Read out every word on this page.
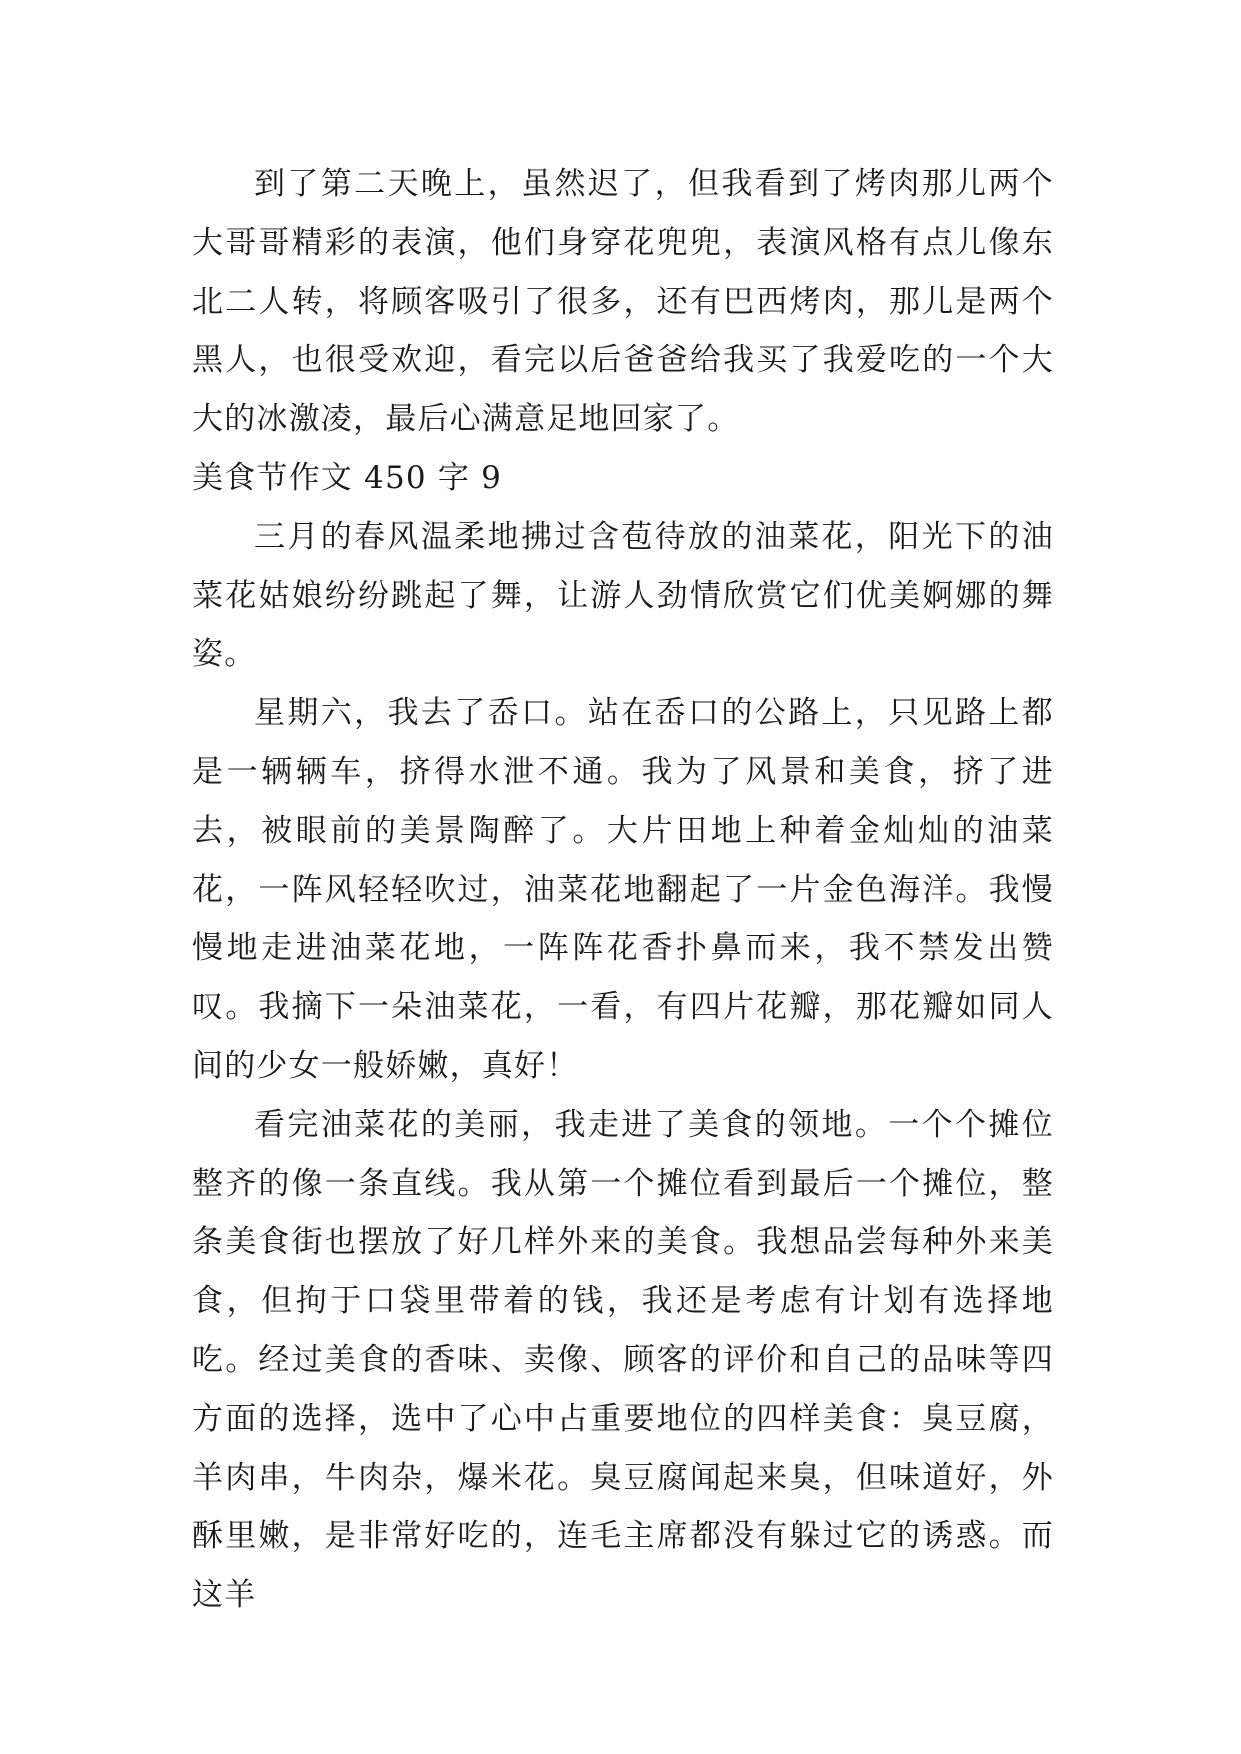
到了第二天晚上，虽然迟了，但我看到了烤肉那儿两个大哥哥精彩的表演，他们身穿花兜兜，表演风格有点儿像东北二人转，将顾客吸引了很多，还有巴西烤肉，那儿是两个黑人，也很受欢迎，看完以后爸爸给我买了我爱吃的一个大大的冰激凌，最后心满意足地回家了。

美食节作文 450 字 9

三月的春风温柔地拂过含苞待放的油菜花，阳光下的油菜花姑娘纷纷跳起了舞，让游人劲情欣赏它们优美婀娜的舞姿。

星期六，我去了岙口。站在岙口的公路上，只见路上都是一辆辆车，挤得水泄不通。我为了风景和美食，挤了进去，被眼前的美景陶醉了。大片田地上种着金灿灿的油菜花，一阵风轻轻吹过，油菜花地翻起了一片金色海洋。我慢慢地走进油菜花地，一阵阵花香扑鼻而来，我不禁发出赞叹。我摘下一朵油菜花，一看，有四片花瓣，那花瓣如同人间的少女一般娇嫩，真好！

看完油菜花的美丽，我走进了美食的领地。一个个摊位整齐的像一条直线。我从第一个摊位看到最后一个摊位，整条美食街也摆放了好几样外来的美食。我想品尝每种外来美食，但拘于口袋里带着的钱，我还是考虑有计划有选择地吃。经过美食的香味、卖像、顾客的评价和自己的品味等四方面的选择，选中了心中占重要地位的四样美食：臭豆腐，羊肉串，牛肉杂，爆米花。臭豆腐闻起来臭，但味道好，外酥里嫩，是非常好吃的，连毛主席都没有躲过它的诱惑。而这羊
